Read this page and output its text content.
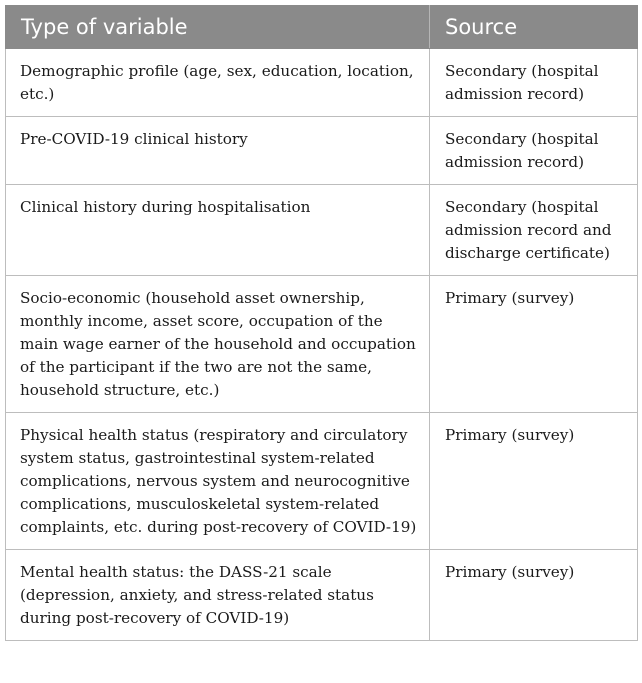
Type of variable	Source
Demographic profile (age, sex, education, location, etc.)	Secondary (hospital admission record)
Pre-COVID-19 clinical history	Secondary (hospital admission record)
Clinical history during hospitalisation	Secondary (hospital admission record and discharge certificate)
Socio-economic (household asset ownership, monthly income, asset score, occupation of the main wage earner of the household and occupation of the participant if the two are not the same, household structure, etc.)	Primary (survey)
Physical health status (respiratory and circulatory system status, gastrointestinal system-related complications, nervous system and neurocognitive complications, musculoskeletal system-related complaints, etc. during post-recovery of COVID-19)	Primary (survey)
Mental health status: the DASS-21 scale (depression, anxiety, and stress-related status during post-recovery of COVID-19)	Primary (survey)
